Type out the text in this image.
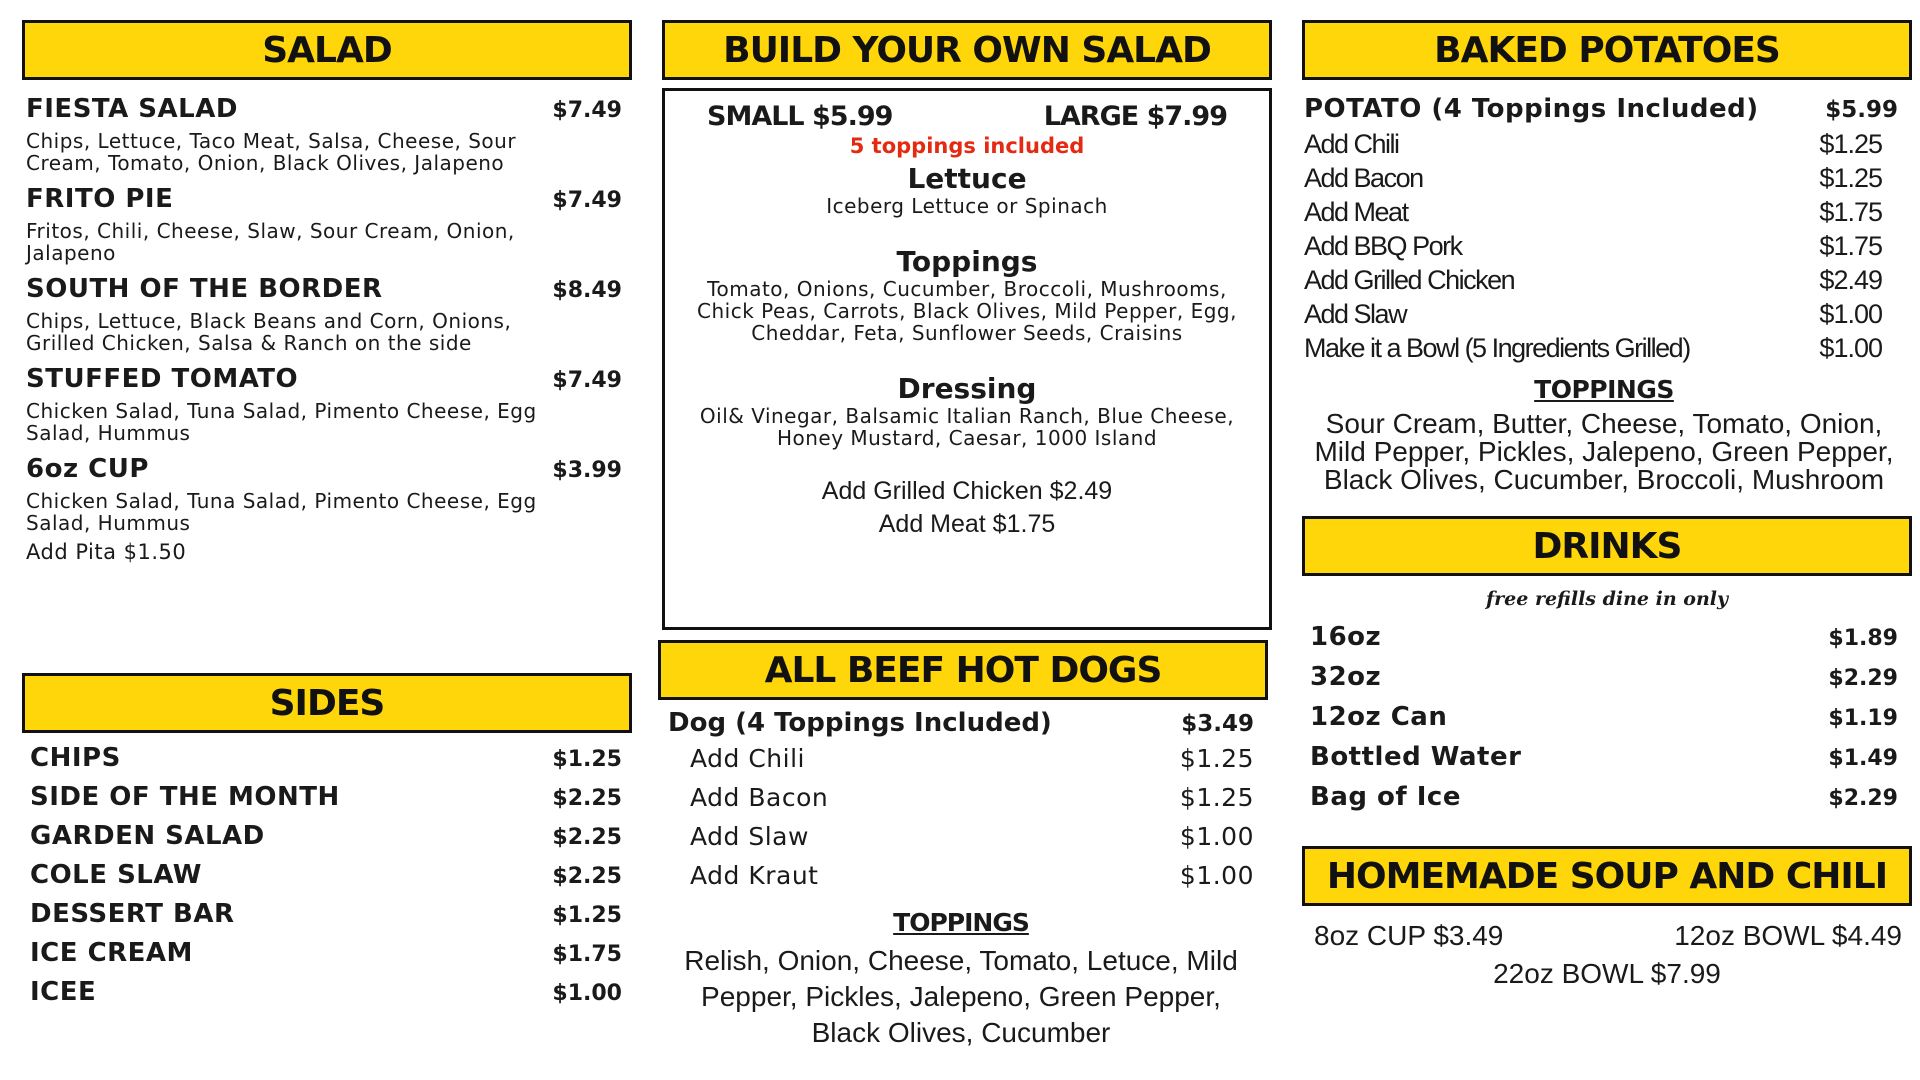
SALAD
FIESTA SALAD	$7.49
Chips, Lettuce, Taco Meat, Salsa, Cheese, Sour Cream, Tomato, Onion, Black Olives, Jalapeno
FRITO PIE	$7.49
Fritos, Chili, Cheese, Slaw, Sour Cream, Onion, Jalapeno
SOUTH OF THE BORDER	$8.49
Chips, Lettuce, Black Beans and Corn, Onions, Grilled Chicken, Salsa & Ranch on the side
STUFFED TOMATO	$7.49
Chicken Salad, Tuna Salad, Pimento Cheese, Egg Salad, Hummus
6oz CUP	$3.99
Chicken Salad, Tuna Salad, Pimento Cheese, Egg Salad, Hummus
Add Pita $1.50
SIDES
CHIPS	$1.25
SIDE OF THE MONTH	$2.25
GARDEN SALAD	$2.25
COLE SLAW	$2.25
DESSERT BAR	$1.25
ICE CREAM	$1.75
ICEE	$1.00
BUILD YOUR OWN SALAD
SMALL $5.99	LARGE $7.99
5 toppings included
Lettuce
Iceberg Lettuce or Spinach
Toppings
Tomato, Onions, Cucumber, Broccoli, Mushrooms, Chick Peas, Carrots, Black Olives, Mild Pepper, Egg, Cheddar, Feta, Sunflower Seeds, Craisins
Dressing
Oil& Vinegar, Balsamic Italian Ranch, Blue Cheese, Honey Mustard, Caesar, 1000 Island
Add Grilled Chicken $2.49
Add Meat $1.75
ALL BEEF HOT DOGS
Dog (4 Toppings Included)	$3.49
Add Chili	$1.25
Add Bacon	$1.25
Add Slaw	$1.00
Add Kraut	$1.00
TOPPINGS
Relish, Onion, Cheese, Tomato, Letuce, Mild Pepper, Pickles, Jalepeno, Green Pepper, Black Olives, Cucumber
BAKED POTATOES
POTATO (4 Toppings Included)	$5.99
Add Chili	$1.25
Add Bacon	$1.25
Add Meat	$1.75
Add BBQ Pork	$1.75
Add Grilled Chicken	$2.49
Add Slaw	$1.00
Make it a Bowl (5 Ingredients Grilled)	$1.00
TOPPINGS
Sour Cream, Butter, Cheese, Tomato, Onion, Mild Pepper, Pickles, Jalepeno, Green Pepper, Black Olives, Cucumber, Broccoli, Mushroom
DRINKS
free refills dine in only
16oz	$1.89
32oz	$2.29
12oz Can	$1.19
Bottled Water	$1.49
Bag of Ice	$2.29
HOMEMADE SOUP AND CHILI
8oz CUP $3.49	12oz BOWL $4.49
22oz BOWL $7.99
